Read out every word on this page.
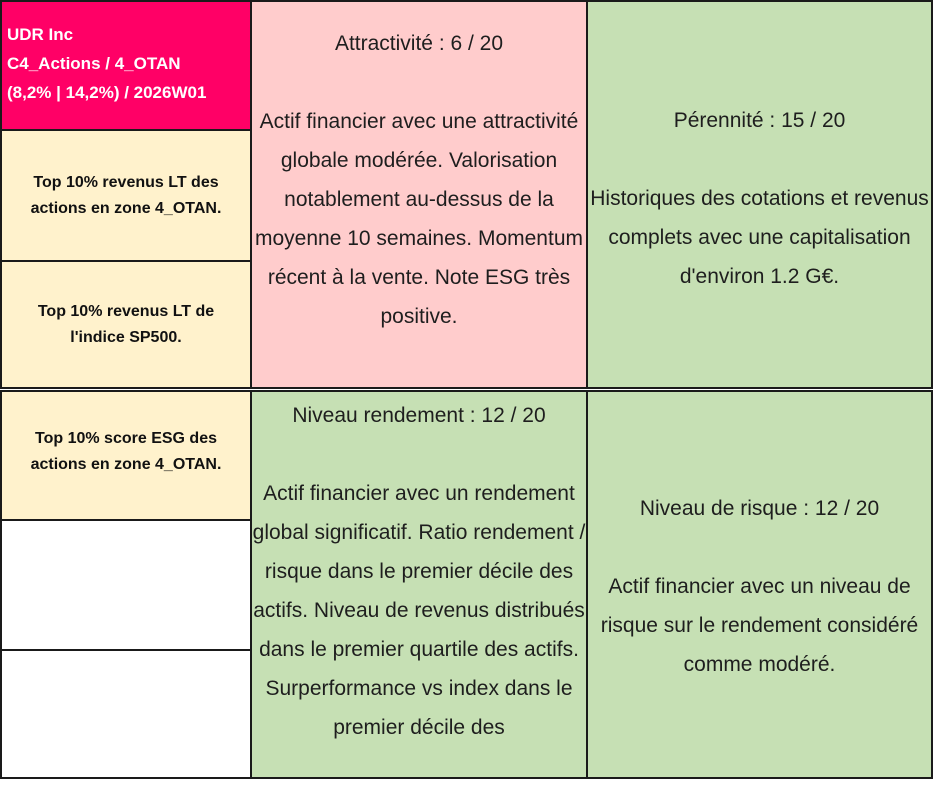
UDR Inc
C4_Actions / 4_OTAN
(8,2% | 14,2%) / 2026W01
Top 10% revenus LT des actions en zone 4_OTAN.
Top 10% revenus LT de l'indice SP500.
Top 10% score ESG des actions en zone 4_OTAN.
Attractivité : 6 / 20
Actif financier avec une attractivité globale modérée. Valorisation notablement au-dessus de la moyenne 10 semaines. Momentum récent à la vente. Note ESG très positive.
Pérennité : 15 / 20
Historiques des cotations et revenus complets avec une capitalisation d'environ 1.2 G€.
Niveau rendement : 12 / 20
Actif financier avec un rendement global significatif. Ratio rendement / risque dans le premier décile des actifs. Niveau de revenus distribués dans le premier quartile des actifs. Surperformance vs index dans le premier décile des
Niveau de risque : 12 / 20
Actif financier avec un niveau de risque sur le rendement considéré comme modéré.
